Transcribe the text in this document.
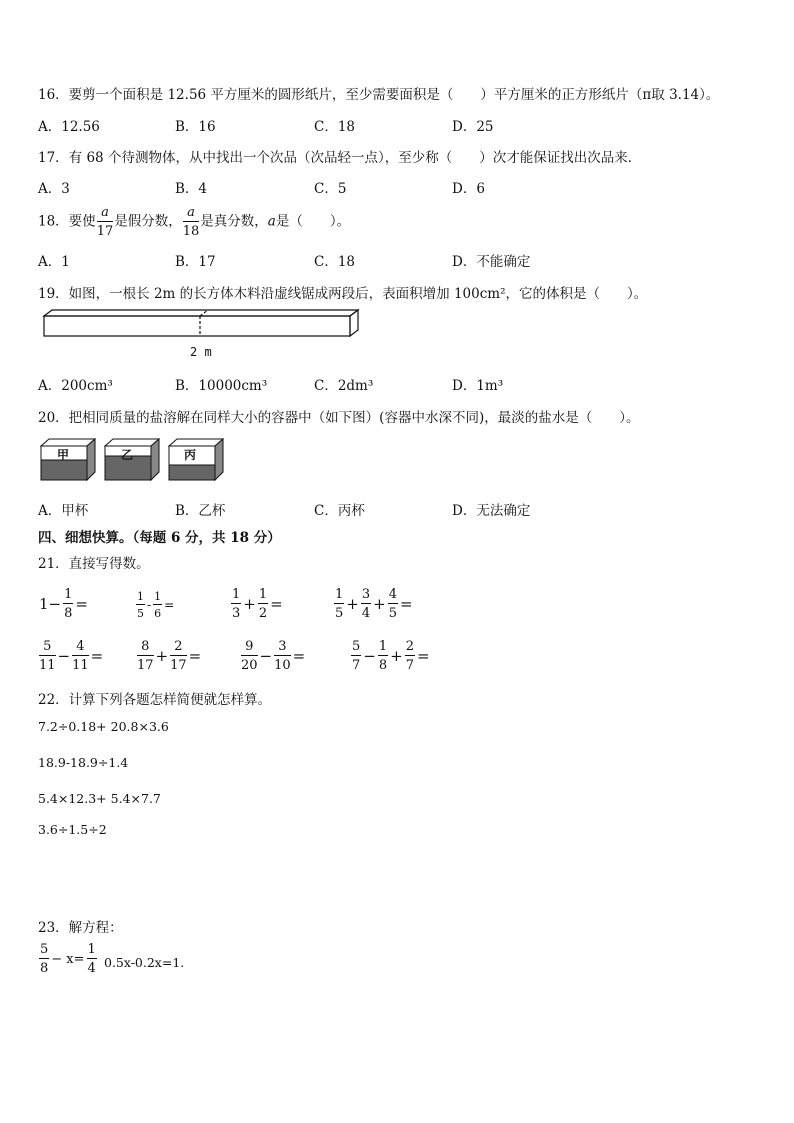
16．要剪一个面积是 12.56 平方厘米的圆形纸片，至少需要面积是（　　）平方厘米的正方形纸片（π取 3.14）。
A．12.56	B．16	C．18	D．25
17．有 68 个待测物体，从中找出一个次品（次品轻一点），至少称（　　）次才能保证找出次品来．
A．3	B．4	C．5	D．6
18．要使 $\frac{a}{17}$ 是假分数， $\frac{a}{18}$ 是真分数，a是（　　）。
A．1	B．17	C．18	D．不能确定
19．如图，一根长 2m 的长方体木料沿虚线锯成两段后，表面积增加 100cm²，它的体积是（　　）。
2 m
A．200cm³	B．10000cm³	C．2dm³	D．1m³
20．把相同质量的盐溶解在同样大小的容器中（如下图）(容器中水深不同)，最淡的盐水是（　　）。
甲	乙	丙
A．甲杯	B．乙杯	C．丙杯	D．无法确定
四、细想快算。（每题 6 分，共 18 分）
21．直接写得数。
$1- \frac{1}{8}$ =	$\frac{1}{5} - \frac{1}{6}$ =	$\frac{1}{3} + \frac{1}{2}$ =	$\frac{1}{5} + \frac{3}{4} + \frac{4}{5}$ =
$\frac{5}{11} - \frac{4}{11}$ =	$\frac{8}{17} + \frac{2}{17}$ =	$\frac{9}{20} - \frac{3}{10}$ =	$\frac{5}{7} - \frac{1}{8} + \frac{2}{7}$ =
22．计算下列各题怎样简便就怎样算。
7.2÷0.18+ 20.8×3.6
18.9-18.9÷1.4
5.4×12.3+ 5.4×7.7
3.6÷1.5÷2
23．解方程：
$\frac{5}{8} - x= \frac{1}{4} 0.5x-0.2x=1$.
